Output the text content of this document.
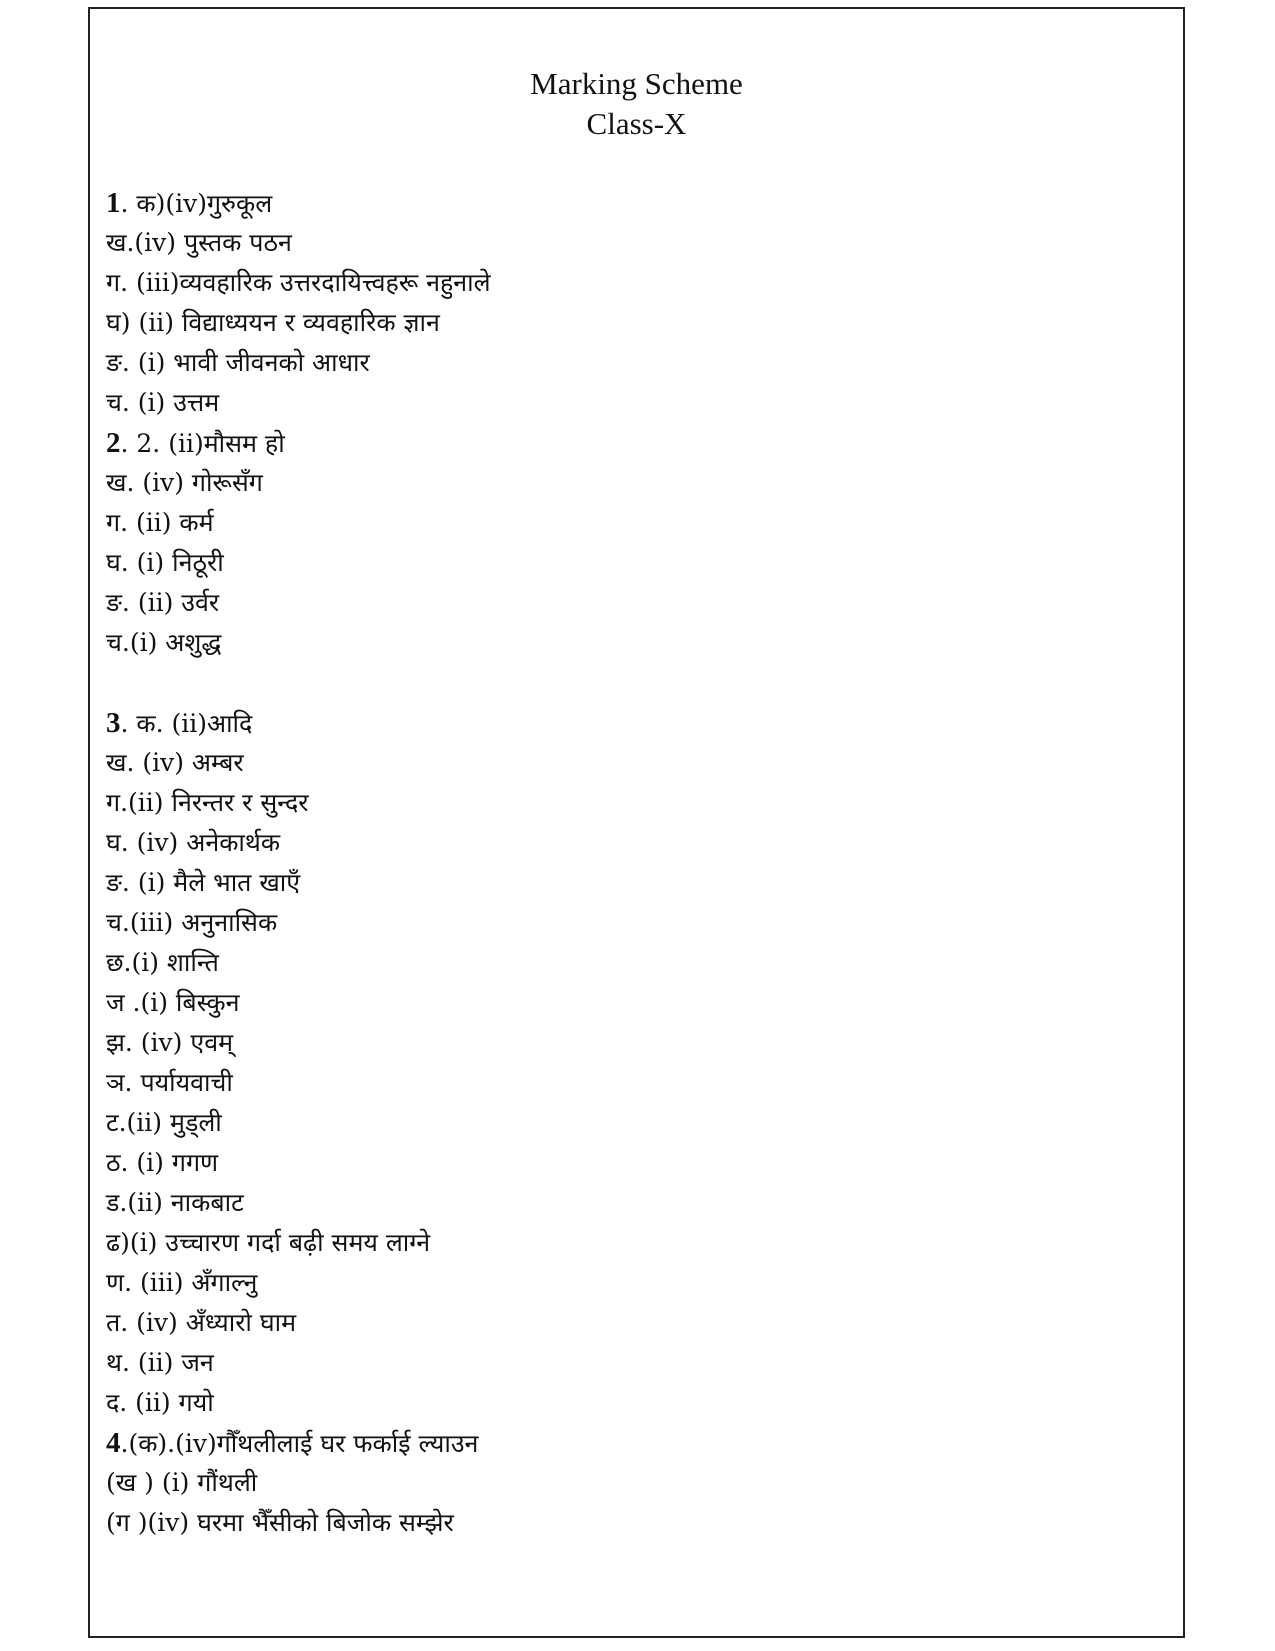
Marking Scheme
Class-X
1. क)(iv)गुरुकूल
ख.(iv) पुस्तक पठन
ग. (iii)व्यवहारिक उत्तरदायित्त्वहरू नहुनाले
घ) (ii) विद्याध्ययन र व्यवहारिक ज्ञान
ङ. (i) भावी जीवनको आधार
च. (i) उत्तम
2. 2. (ii)मौसम हो
ख. (iv) गोरूसँग
ग. (ii) कर्म
घ. (i) निठूरी
ङ. (ii) उर्वर
च.(i) अशुद्ध
3. क. (ii)आदि
ख. (iv) अम्बर
ग.(ii) निरन्तर र सुन्दर
घ. (iv) अनेकार्थक
ङ. (i) मैले भात खाएँ
च.(iii) अनुनासिक
छ.(i) शान्ति
ज .(i) बिस्कुन
झ. (iv) एवम्
ञ. पर्यायवाची
ट.(ii) मुड्ली
ठ. (i) गगण
ड.(ii) नाकबाट
ढ)(i) उच्चारण गर्दा बढ़ी समय लाग्ने
ण. (iii) अँगाल्नु
त. (iv) अँध्यारो घाम
थ. (ii) जन
द. (ii) गयो
4.(क).(iv)गौँथलीलाई घर फर्काई ल्याउन
(ख ) (i) गौंथली
(ग )(iv) घरमा भैँसीको बिजोक सम्झेर
